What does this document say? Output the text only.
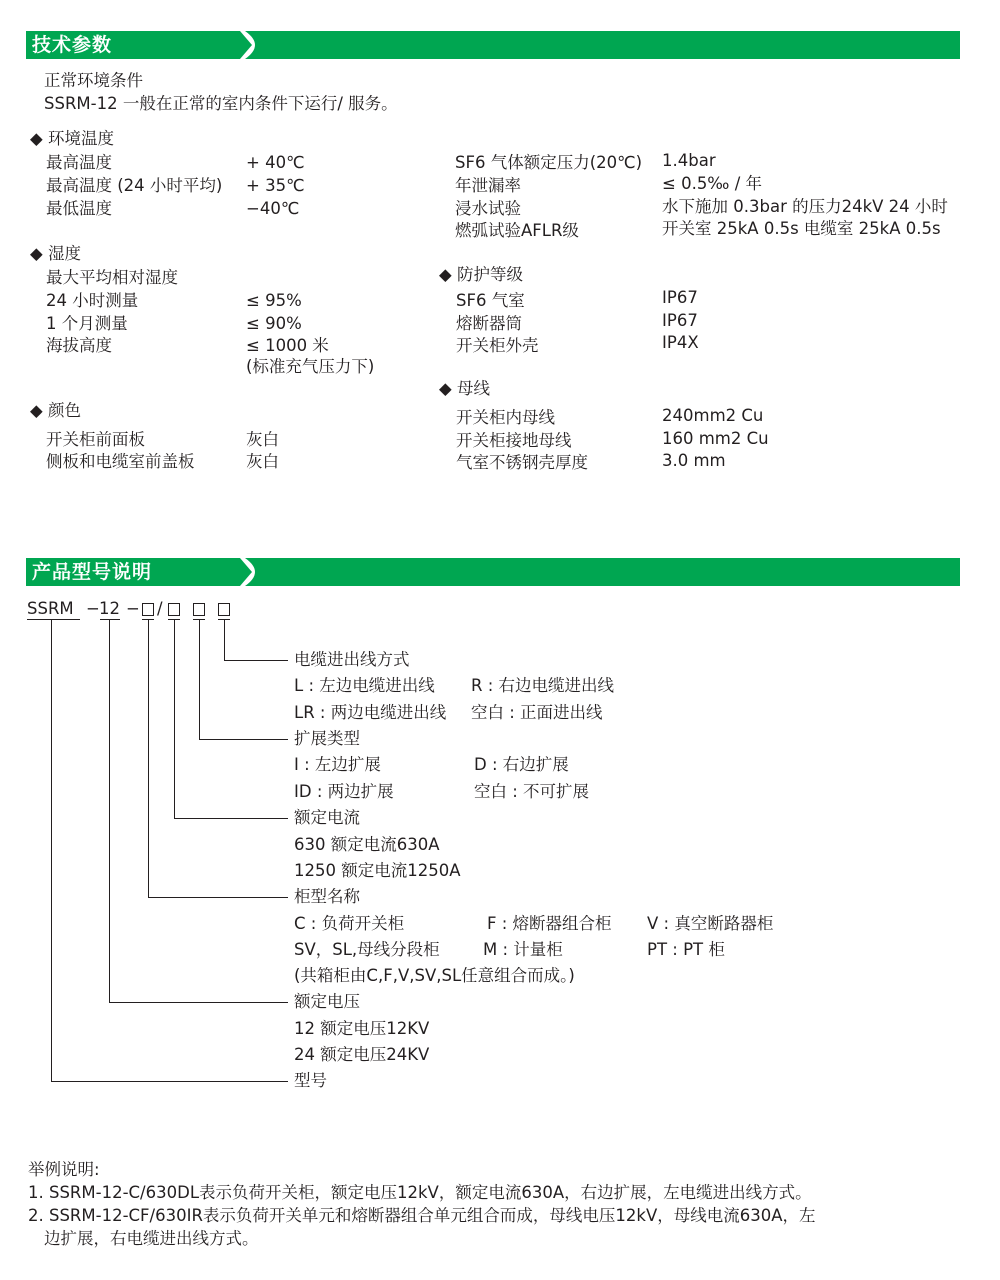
技术参数
正常环境条件
SSRM-12 一般在正常的室内条件下运行/ 服务。
◆ 环境温度
最高温度	+ 40℃
最高温度 (24 小时平均) + 35℃
最低温度	−40℃
◆ 湿度
最大平均相对湿度
24 小时测量	≤ 95%
1 个月测量	≤ 90%
海拔高度	≤ 1000 米
(标准充气压力下)
◆ 颜色
开关柜前面板	灰白
侧板和电缆室前盖板	灰白
SF6 气体额定压力(20℃) 1.4bar
年泄漏率	≤ 0.5‰ / 年
浸水试验	水下施加 0.3bar 的压力24kV 24 小时
燃弧试验AFLR级	开关室 25kA 0.5s 电缆室 25kA 0.5s
◆ 防护等级
SF6 气室	IP67
熔断器筒	IP67
开关柜外壳	IP4X
◆ 母线
开关柜内母线	240mm2 Cu
开关柜接地母线	160 mm2 Cu
气室不锈钢壳厚度	3.0 mm
产品型号说明
SSRM − 12 − /
电缆进出线方式
L : 左边电缆进出线 R : 右边电缆进出线
LR : 两边电缆进出线 空白 : 正面进出线
扩展类型
I : 左边扩展	D : 右边扩展
ID : 两边扩展	空白 : 不可扩展
额定电流
630 额定电流630A
1250 额定电流1250A
柜型名称
C : 负荷开关柜	F : 熔断器组合柜 V : 真空断路器柜
SV，SL,母线分段柜	M : 计量柜	PT : PT 柜
(共箱柜由C,F,V,SV,SL任意组合而成。)
额定电压
12 额定电压12KV
24 额定电压24KV
型号
举例说明:
1. SSRM-12-C/630DL表示负荷开关柜，额定电压12kV，额定电流630A，右边扩展，左电缆进出线方式。
2. SSRM-12-CF/630IR表示负荷开关单元和熔断器组合单元组合而成，母线电压12kV，母线电流630A，左
边扩展，右电缆进出线方式。
